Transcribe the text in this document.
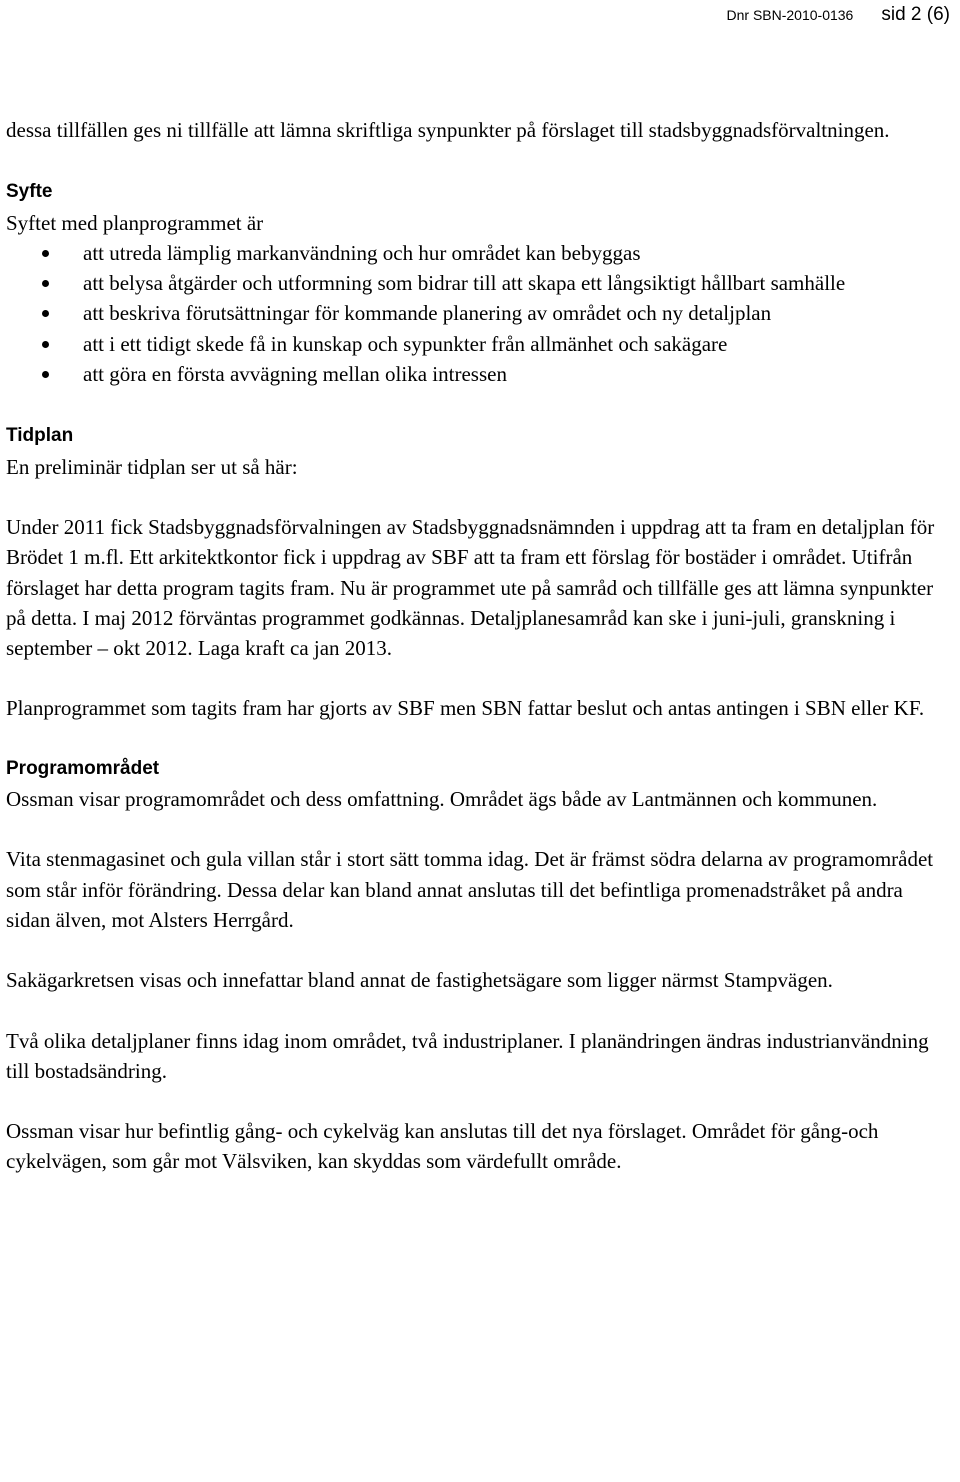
Dnr SBN-2010-0136 sid 2 (6)

dessa tillfällen ges ni tillfälle att lämna skriftliga synpunkter på förslaget till stadsbyggnadsförvaltningen.

Syfte

Syftet med planprogrammet är

att utreda lämplig markanvändning och hur området kan bebyggas
att belysa åtgärder och utformning som bidrar till att skapa ett långsiktigt hållbart samhälle
att beskriva förutsättningar för kommande planering av området och ny detaljplan
att i ett tidigt skede få in kunskap och sypunkter från allmänhet och sakägare
att göra en första avvägning mellan olika intressen
Tidplan

En preliminär tidplan ser ut så här:

Under 2011 fick Stadsbyggnadsförvalningen av Stadsbyggnadsnämnden i uppdrag att ta fram en detaljplan för Brödet 1 m.fl. Ett arkitektkontor fick i uppdrag av SBF att ta fram ett förslag för bostäder i området. Utifrån förslaget har detta program tagits fram. Nu är programmet ute på samråd och tillfälle ges att lämna synpunkter på detta. I maj 2012 förväntas programmet godkännas. Detaljplanesamråd kan ske i juni-juli, granskning i september – okt 2012. Laga kraft ca jan 2013.

Planprogrammet som tagits fram har gjorts av SBF men SBN fattar beslut och antas antingen i SBN eller KF.

Programområdet

Ossman visar programområdet och dess omfattning. Området ägs både av Lantmännen och kommunen.

Vita stenmagasinet och gula villan står i stort sätt tomma idag. Det är främst södra delarna av programområdet som står inför förändring. Dessa delar kan bland annat anslutas till det befintliga promenadstråket på andra sidan älven, mot Alsters Herrgård.

Sakägarkretsen visas och innefattar bland annat de fastighetsägare som ligger närmst Stampvägen.

Två olika detaljplaner finns idag inom området, två industriplaner. I planändringen ändras industrianvändning till bostadsändring.

Ossman visar hur befintlig gång- och cykelväg kan anslutas till det nya förslaget. Området för gång-och cykelvägen, som går mot Välsviken, kan skyddas som värdefullt område.
